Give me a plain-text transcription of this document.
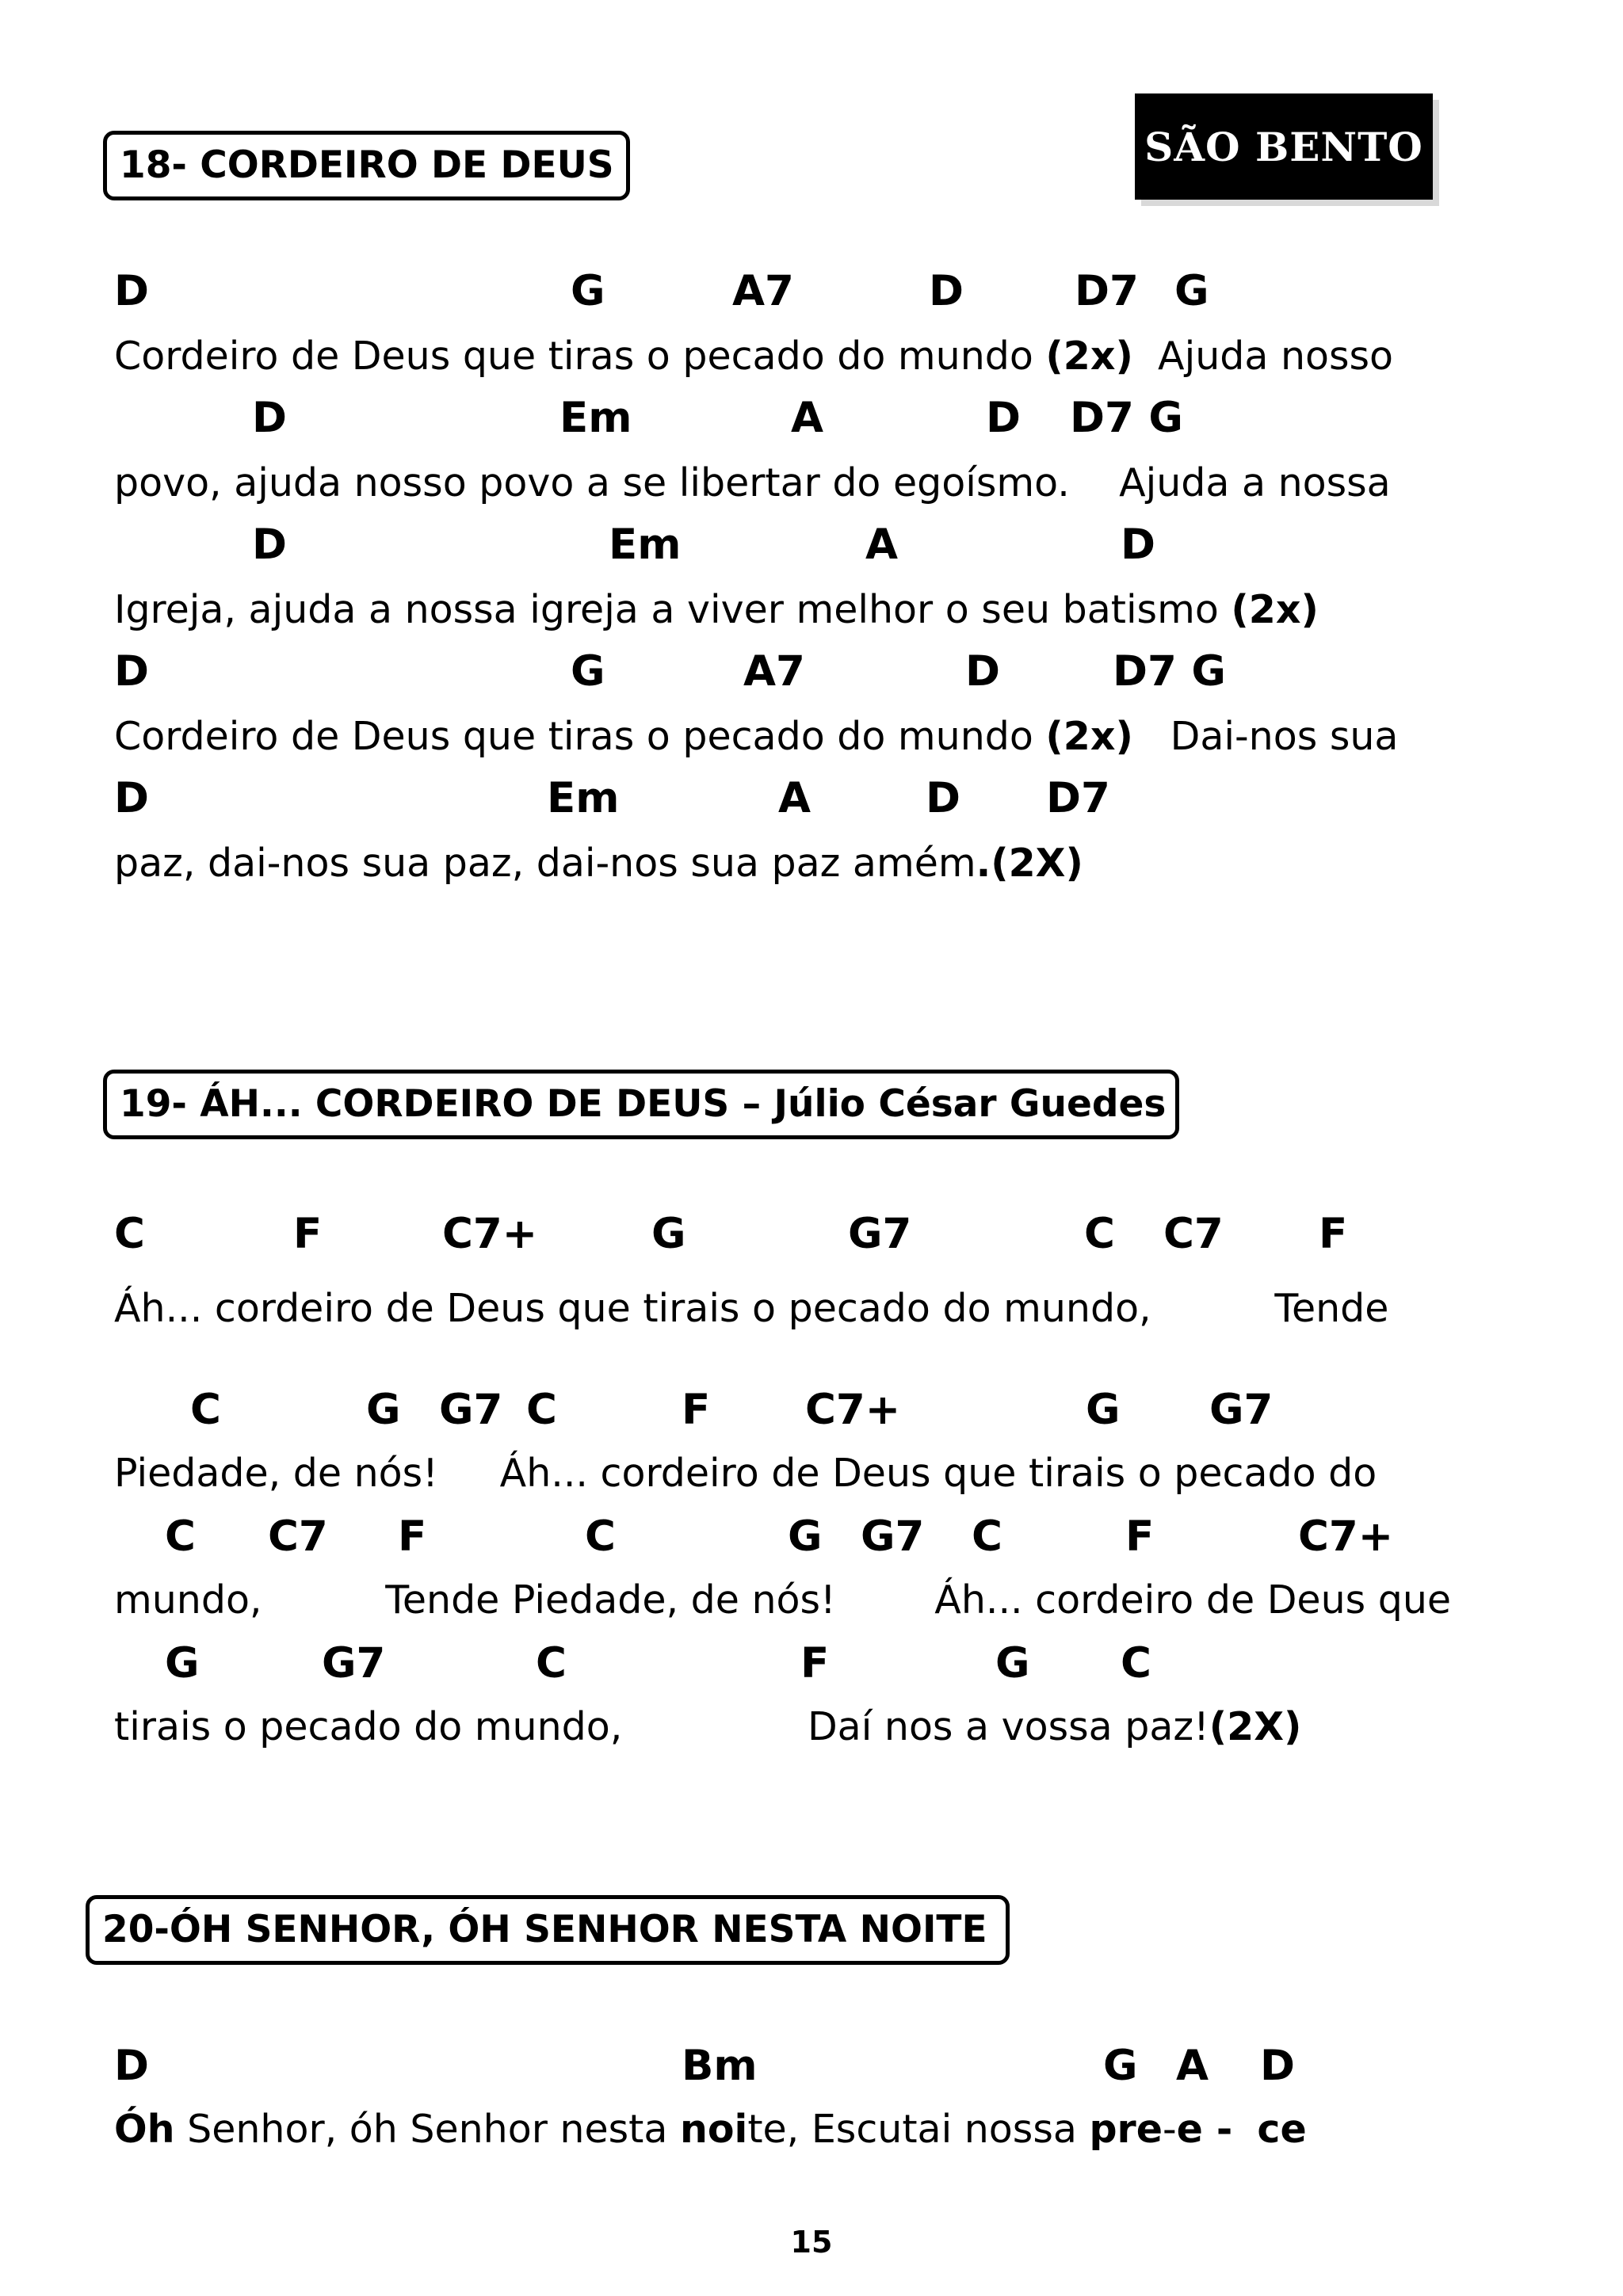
SÃO BENTO
18- CORDEIRO DE DEUS
D	G	A7	D	D7 G
Cordeiro de Deus que tiras o pecado do mundo (2x)  Ajuda nosso
D	Em	A	D D7 G
povo, ajuda nosso povo a se libertar do egoísmo.    Ajuda a nossa
D	Em	A	D
Igreja, ajuda a nossa igreja a viver melhor o seu batismo (2x)
D	G	A7	D	D7 G
Cordeiro de Deus que tiras o pecado do mundo (2x)   Dai-nos sua
D	Em	A	D D7
paz, dai-nos sua paz, dai-nos sua paz amém.(2X)
19- ÁH... CORDEIRO DE DEUS – Júlio César Guedes
C	F	C7+	G	G7	C C7 F
Áh... cordeiro de Deus que tirais o pecado do mundo,          Tende
C	G G7 C	F C7+	G G7
Piedade, de nós!     Áh... cordeiro de Deus que tirais o pecado do
C C7 F	C	G G7 C	F	C7+
mundo,          Tende Piedade, de nós!        Áh... cordeiro de Deus que
G	G7	C	F	G C
tirais o pecado do mundo,               Daí nos a vossa paz!(2X)
20-ÓH SENHOR, ÓH SENHOR NESTA NOITE
D	Bm	G A D
Óh Senhor, óh Senhor nesta noite, Escutai nossa pre-e - ce
15
